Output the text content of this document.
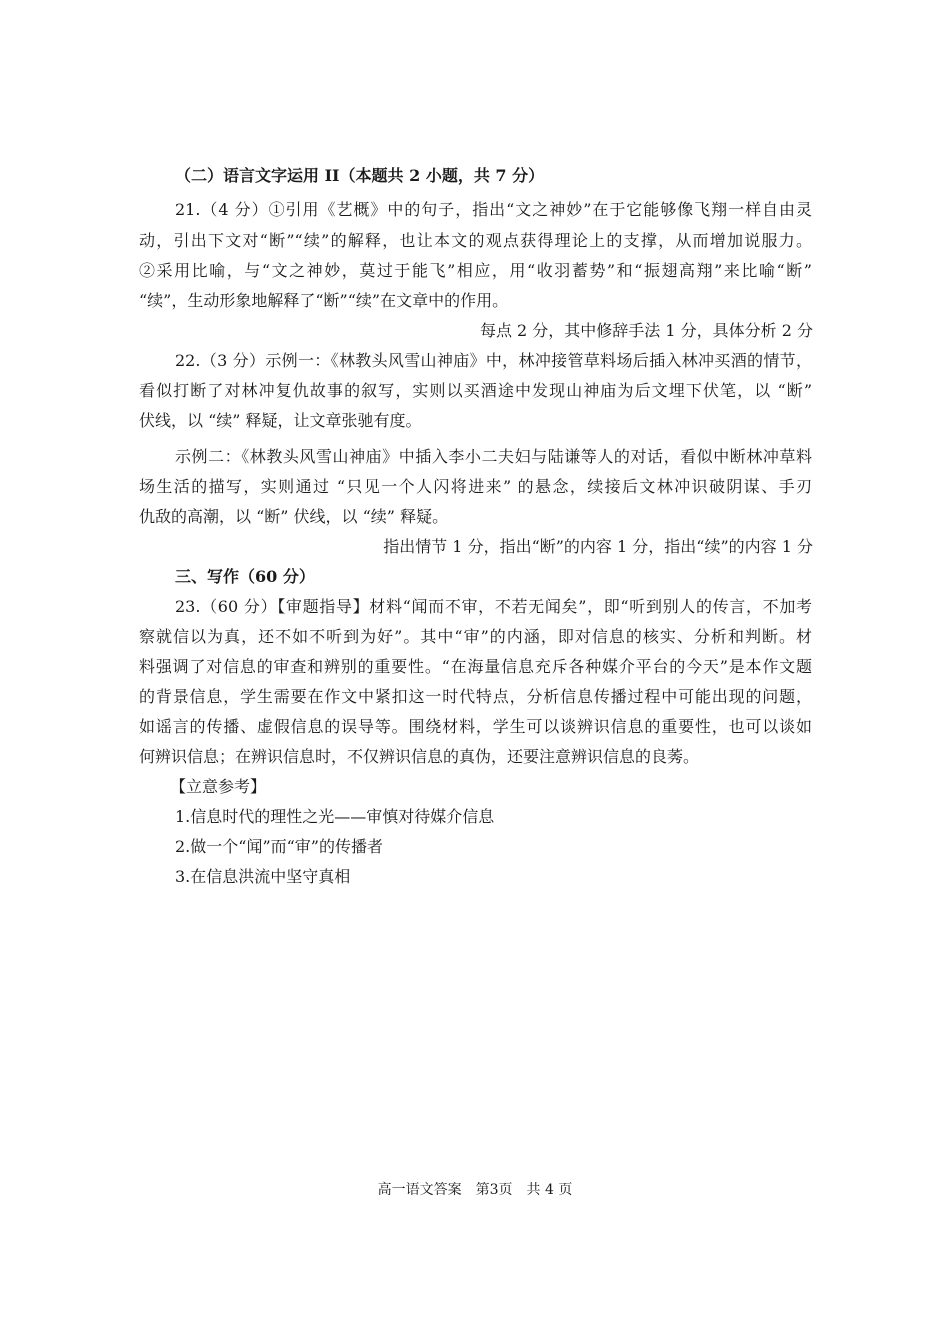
（二）语言文字运用 II（本题共 2 小题，共 7 分）
21.（4 分）①引用《艺概》中的句子，指出“文之神妙”在于它能够像飞翔一样自由灵
动，引出下文对“断”“续”的解释，也让本文的观点获得理论上的支撑，从而增加说服力。
②采用比喻，与“文之神妙，莫过于能飞”相应，用“收羽蓄势”和“振翅高翔”来比喻“断”
“续”，生动形象地解释了“断”“续”在文章中的作用。
每点 2 分，其中修辞手法 1 分，具体分析 2 分
22.（3 分）示例一：《林教头风雪山神庙》中，林冲接管草料场后插入林冲买酒的情节，
看似打断了对林冲复仇故事的叙写，实则以买酒途中发现山神庙为后文埋下伏笔，以 “断”
伏线，以 “续” 释疑，让文章张驰有度。
示例二：《林教头风雪山神庙》中插入李小二夫妇与陆谦等人的对话，看似中断林冲草料
场生活的描写，实则通过 “只见一个人闪将进来” 的悬念，续接后文林冲识破阴谋、手刃
仇敌的高潮，以 “断” 伏线，以 “续” 释疑。
指出情节 1 分，指出“断”的内容 1 分，指出“续”的内容 1 分
三、写作（60 分）
23.（60 分）【审题指导】材料“闻而不审，不若无闻矣”，即“听到别人的传言，不加考
察就信以为真，还不如不听到为好”。其中“审”的内涵，即对信息的核实、分析和判断。材
料强调了对信息的审查和辨别的重要性。“在海量信息充斥各种媒介平台的今天”是本作文题
的背景信息，学生需要在作文中紧扣这一时代特点，分析信息传播过程中可能出现的问题，
如谣言的传播、虚假信息的误导等。围绕材料，学生可以谈辨识信息的重要性，也可以谈如
何辨识信息；在辨识信息时，不仅辨识信息的真伪，还要注意辨识信息的良莠。
【立意参考】
1.信息时代的理性之光——审慎对待媒介信息
2.做一个“闻”而“审”的传播者
3.在信息洪流中坚守真相
高一语文答案　第3页　共 4 页
